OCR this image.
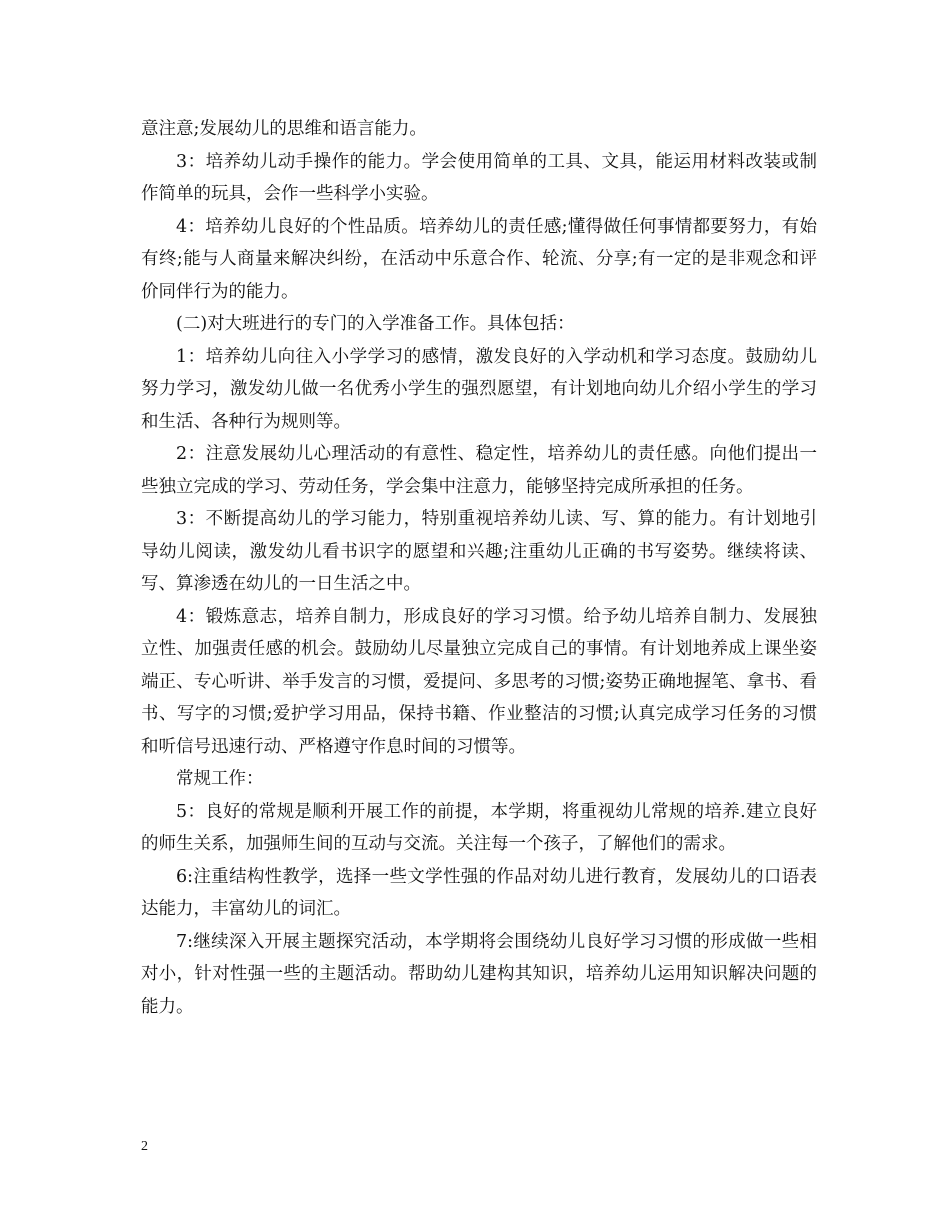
意注意;发展幼儿的思维和语言能力。

3：培养幼儿动手操作的能力。学会使用简单的工具、文具，能运用材料改装或制作简单的玩具，会作一些科学小实验。

4：培养幼儿良好的个性品质。培养幼儿的责任感;懂得做任何事情都要努力，有始有终;能与人商量来解决纠纷，在活动中乐意合作、轮流、分享;有一定的是非观念和评价同伴行为的能力。

(二)对大班进行的专门的入学准备工作。具体包括：

1：培养幼儿向往入小学学习的感情，激发良好的入学动机和学习态度。鼓励幼儿努力学习，激发幼儿做一名优秀小学生的强烈愿望，有计划地向幼儿介绍小学生的学习和生活、各种行为规则等。

2：注意发展幼儿心理活动的有意性、稳定性，培养幼儿的责任感。向他们提出一些独立完成的学习、劳动任务，学会集中注意力，能够坚持完成所承担的任务。

3：不断提高幼儿的学习能力，特别重视培养幼儿读、写、算的能力。有计划地引导幼儿阅读，激发幼儿看书识字的愿望和兴趣;注重幼儿正确的书写姿势。继续将读、写、算渗透在幼儿的一日生活之中。

4：锻炼意志，培养自制力，形成良好的学习习惯。给予幼儿培养自制力、发展独立性、加强责任感的机会。鼓励幼儿尽量独立完成自己的事情。有计划地养成上课坐姿端正、专心听讲、举手发言的习惯，爱提问、多思考的习惯;姿势正确地握笔、拿书、看书、写字的习惯;爱护学习用品，保持书籍、作业整洁的习惯;认真完成学习任务的习惯和听信号迅速行动、严格遵守作息时间的习惯等。

常规工作：

5：良好的常规是顺利开展工作的前提，本学期，将重视幼儿常规的培养.建立良好的师生关系，加强师生间的互动与交流。关注每一个孩子，了解他们的需求。

6:注重结构性教学，选择一些文学性强的作品对幼儿进行教育，发展幼儿的口语表达能力，丰富幼儿的词汇。

7:继续深入开展主题探究活动，本学期将会围绕幼儿良好学习习惯的形成做一些相对小，针对性强一些的主题活动。帮助幼儿建构其知识，培养幼儿运用知识解决问题的能力。

2
